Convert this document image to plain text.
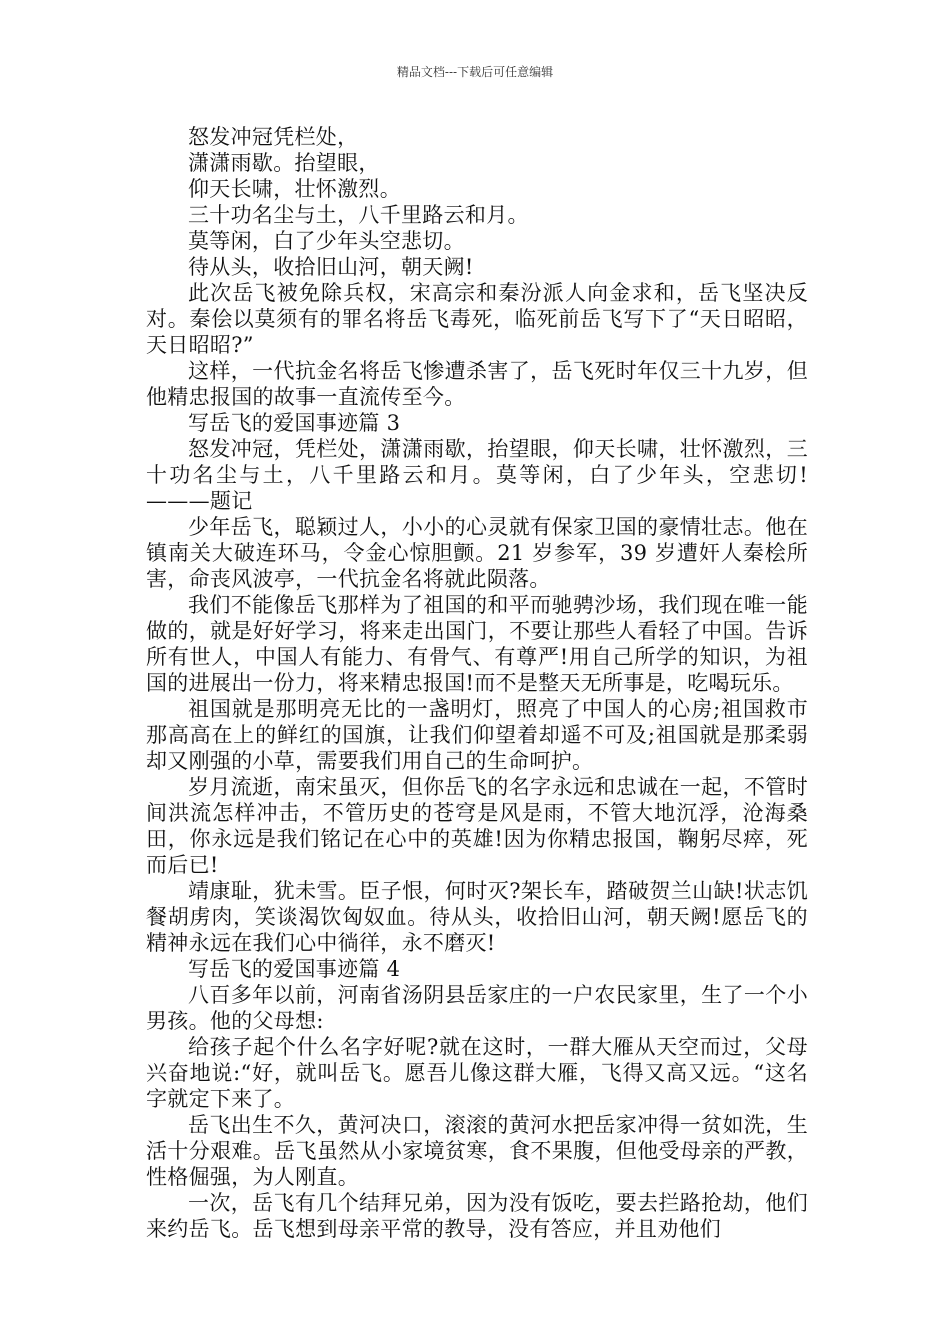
精品文档---下载后可任意编辑

怒发冲冠凭栏处，

潇潇雨歇。抬望眼，

仰天长啸，壮怀激烈。

三十功名尘与土，八千里路云和月。

莫等闲，白了少年头空悲切。

待从头，收拾旧山河，朝天阙!

此次岳飞被免除兵权，宋高宗和秦汾派人向金求和，岳飞坚决反对。秦侩以莫须有的罪名将岳飞毒死，临死前岳飞写下了“天日昭昭，天日昭昭?”

这样，一代抗金名将岳飞惨遭杀害了，岳飞死时年仅三十九岁，但他精忠报国的故事一直流传至今。

写岳飞的爱国事迹篇 3

怒发冲冠，凭栏处，潇潇雨歇，抬望眼，仰天长啸，壮怀激烈，三十功名尘与土，八千里路云和月。莫等闲，白了少年头，空悲切!———题记

少年岳飞，聪颖过人，小小的心灵就有保家卫国的豪情壮志。他在镇南关大破连环马，令金心惊胆颤。21 岁参军，39 岁遭奸人秦桧所害，命丧风波亭，一代抗金名将就此陨落。

我们不能像岳飞那样为了祖国的和平而驰骋沙场，我们现在唯一能做的，就是好好学习，将来走出国门，不要让那些人看轻了中国。告诉所有世人，中国人有能力、有骨气、有尊严!用自己所学的知识，为祖国的进展出一份力，将来精忠报国!而不是整天无所事是，吃喝玩乐。

祖国就是那明亮无比的一盏明灯，照亮了中国人的心房;祖国救市那高高在上的鲜红的国旗，让我们仰望着却遥不可及;祖国就是那柔弱却又刚强的小草，需要我们用自己的生命呵护。

岁月流逝，南宋虽灭，但你岳飞的名字永远和忠诚在一起，不管时间洪流怎样冲击，不管历史的苍穹是风是雨，不管大地沉浮，沧海桑田，你永远是我们铭记在心中的英雄!因为你精忠报国，鞠躬尽瘁，死而后已!

靖康耻，犹未雪。臣子恨，何时灭?架长车，踏破贺兰山缺!状志饥餐胡虏肉，笑谈渴饮匈奴血。待从头，收拾旧山河，朝天阙!愿岳飞的精神永远在我们心中徜徉，永不磨灭!

写岳飞的爱国事迹篇 4

八百多年以前，河南省汤阴县岳家庄的一户农民家里，生了一个小男孩。他的父母想:

给孩子起个什么名字好呢?就在这时，一群大雁从天空而过，父母兴奋地说:“好，就叫岳飞。愿吾儿像这群大雁，飞得又高又远。“这名字就定下来了。

岳飞出生不久，黄河决口，滚滚的黄河水把岳家冲得一贫如洗，生活十分艰难。岳飞虽然从小家境贫寒，食不果腹，但他受母亲的严教，性格倔强，为人刚直。

一次，岳飞有几个结拜兄弟，因为没有饭吃，要去拦路抢劫，他们来约岳飞。岳飞想到母亲平常的教导，没有答应，并且劝他们
